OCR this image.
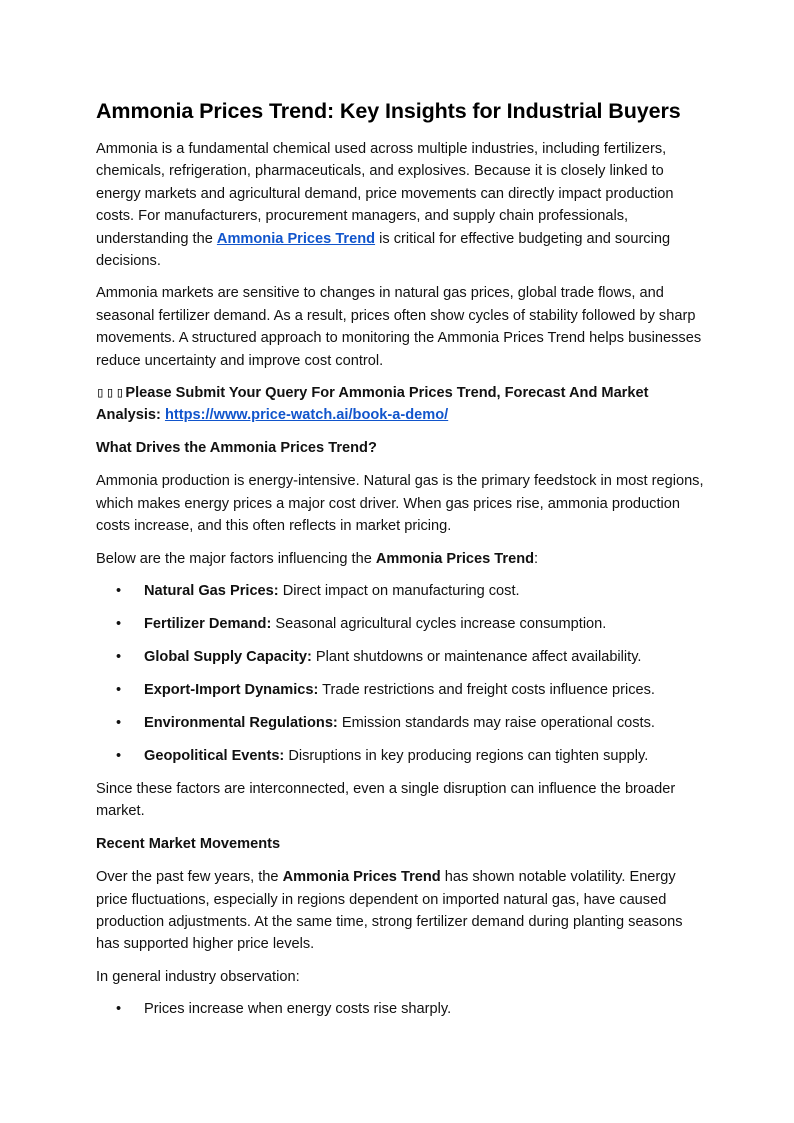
Ammonia Prices Trend: Key Insights for Industrial Buyers

Ammonia is a fundamental chemical used across multiple industries, including fertilizers, chemicals, refrigeration, pharmaceuticals, and explosives. Because it is closely linked to energy markets and agricultural demand, price movements can directly impact production costs. For manufacturers, procurement managers, and supply chain professionals, understanding the Ammonia Prices Trend is critical for effective budgeting and sourcing decisions.

Ammonia markets are sensitive to changes in natural gas prices, global trade flows, and seasonal fertilizer demand. As a result, prices often show cycles of stability followed by sharp movements. A structured approach to monitoring the Ammonia Prices Trend helps businesses reduce uncertainty and improve cost control.

▯▯▯Please Submit Your Query For Ammonia Prices Trend, Forecast And Market Analysis: https://www.price-watch.ai/book-a-demo/

What Drives the Ammonia Prices Trend?

Ammonia production is energy-intensive. Natural gas is the primary feedstock in most regions, which makes energy prices a major cost driver. When gas prices rise, ammonia production costs increase, and this often reflects in market pricing.

Below are the major factors influencing the Ammonia Prices Trend:

• Natural Gas Prices: Direct impact on manufacturing cost.
• Fertilizer Demand: Seasonal agricultural cycles increase consumption.
• Global Supply Capacity: Plant shutdowns or maintenance affect availability.
• Export-Import Dynamics: Trade restrictions and freight costs influence prices.
• Environmental Regulations: Emission standards may raise operational costs.
• Geopolitical Events: Disruptions in key producing regions can tighten supply.

Since these factors are interconnected, even a single disruption can influence the broader market.

Recent Market Movements

Over the past few years, the Ammonia Prices Trend has shown notable volatility. Energy price fluctuations, especially in regions dependent on imported natural gas, have caused production adjustments. At the same time, strong fertilizer demand during planting seasons has supported higher price levels.

In general industry observation:

• Prices increase when energy costs rise sharply.
